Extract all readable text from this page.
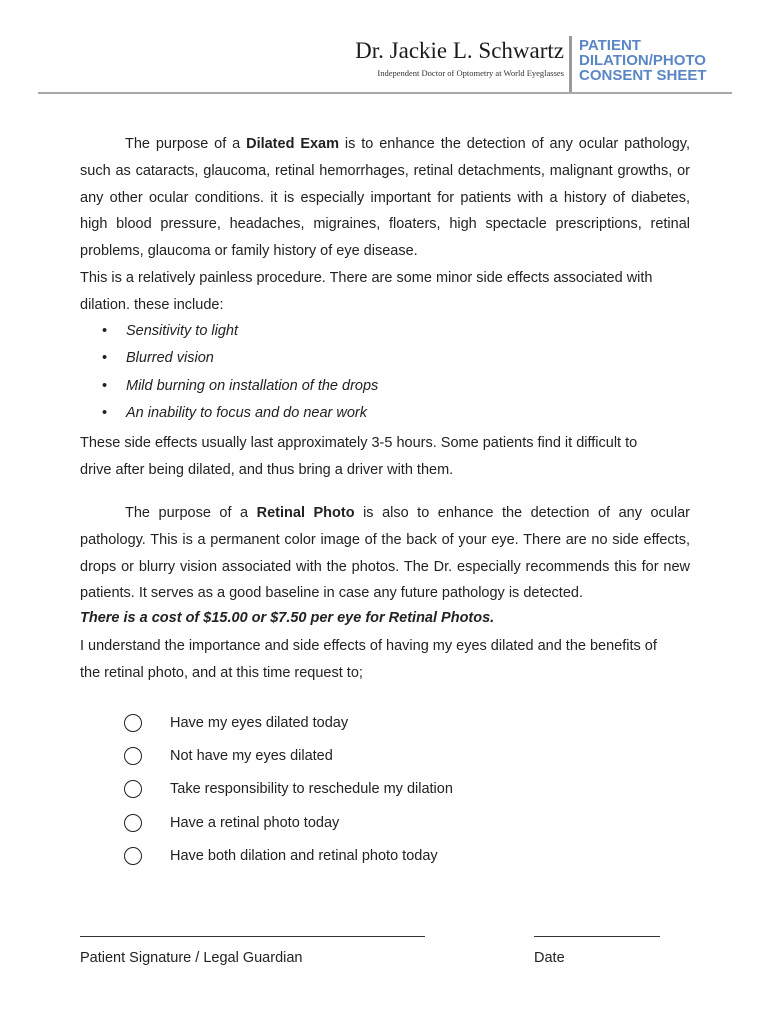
Dr. Jackie L. Schwartz
Independent Doctor of Optometry at World Eyeglasses
PATIENT
DILATION/PHOTO
CONSENT SHEET
The purpose of a Dilated Exam is to enhance the detection of any ocular pathology, such as cataracts, glaucoma, retinal hemorrhages, retinal detachments, malignant growths, or any other ocular conditions. it is especially important for patients with a history of diabetes, high blood pressure, headaches, migraines, floaters, high spectacle prescriptions, retinal problems, glaucoma or family history of eye disease.
This is a relatively painless procedure. There are some minor side effects associated with
dilation. these include:
• Sensitivity to light
• Blurred vision
• Mild burning on installation of the drops
• An inability to focus and do near work
These side effects usually last approximately 3-5 hours. Some patients find it difficult to
drive after being dilated, and thus bring a driver with them.
The purpose of a Retinal Photo is also to enhance the detection of any ocular pathology. This is a permanent color image of the back of your eye. There are no side effects, drops or blurry vision associated with the photos. The Dr. especially recommends this for new patients. It serves as a good baseline in case any future pathology is detected.
There is a cost of $15.00 or $7.50 per eye for Retinal Photos.
I understand the importance and side effects of having my eyes dilated and the benefits of
the retinal photo, and at this time request to;
Have my eyes dilated today
Not have my eyes dilated
Take responsibility to reschedule my dilation
Have a retinal photo today
Have both dilation and retinal photo today
Patient Signature / Legal Guardian	Date
